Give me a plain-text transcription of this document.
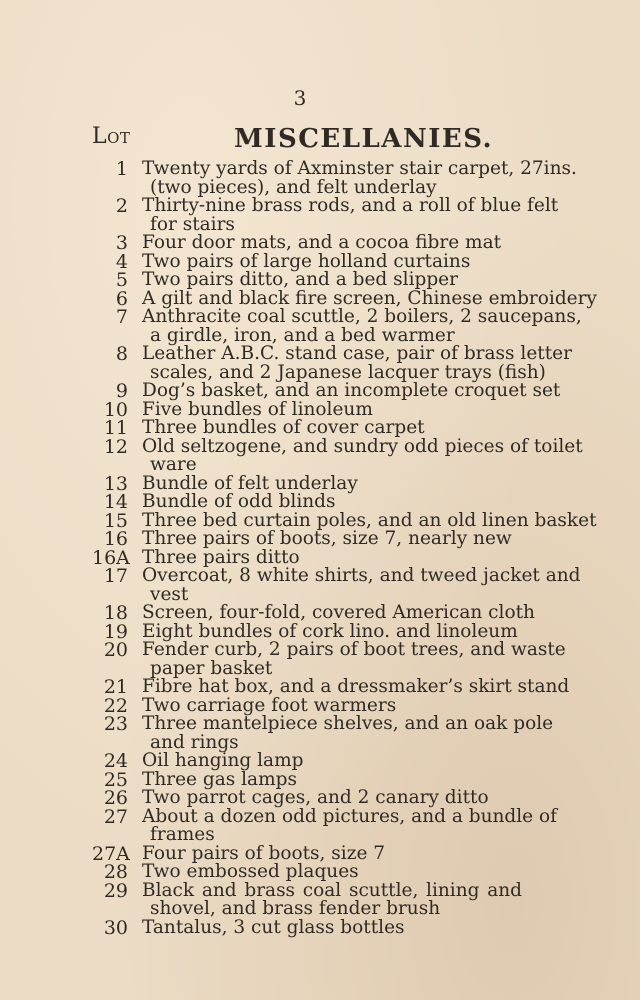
3
Lot	MISCELLANIES.
1 Twenty yards of Axminster stair carpet, 27ins.
(two pieces), and felt underlay
2 Thirty-nine brass rods, and a roll of blue felt
for stairs
3 Four door mats, and a cocoa fibre mat
4 Two pairs of large holland curtains
5 Two pairs ditto, and a bed slipper
6 A gilt and black fire screen, Chinese embroidery
7 Anthracite coal scuttle, 2 boilers, 2 saucepans,
a girdle, iron, and a bed warmer
8 Leather A.B.C. stand case, pair of brass letter
scales, and 2 Japanese lacquer trays (fish)
9 Dog’s basket, and an incomplete croquet set
10 Five bundles of linoleum
11 Three bundles of cover carpet
12 Old seltzogene, and sundry odd pieces of toilet
ware
13 Bundle of felt underlay
14 Bundle of odd blinds
15 Three bed curtain poles, and an old linen basket
16 Three pairs of boots, size 7, nearly new
16A Three pairs ditto
17 Overcoat, 8 white shirts, and tweed jacket and
vest
18 Screen, four-fold, covered American cloth
19 Eight bundles of cork lino. and linoleum
20 Fender curb, 2 pairs of boot trees, and waste
paper basket
21 Fibre hat box, and a dressmaker’s skirt stand
22 Two carriage foot warmers
23 Three mantelpiece shelves, and an oak pole
and rings
24 Oil hanging lamp
25 Three gas lamps
26 Two parrot cages, and 2 canary ditto
27 About a dozen odd pictures, and a bundle of
frames
27A Four pairs of boots, size 7
28 Two embossed plaques
29 Black and brass coal scuttle, lining and
shovel, and brass fender brush
30 Tantalus, 3 cut glass bottles
